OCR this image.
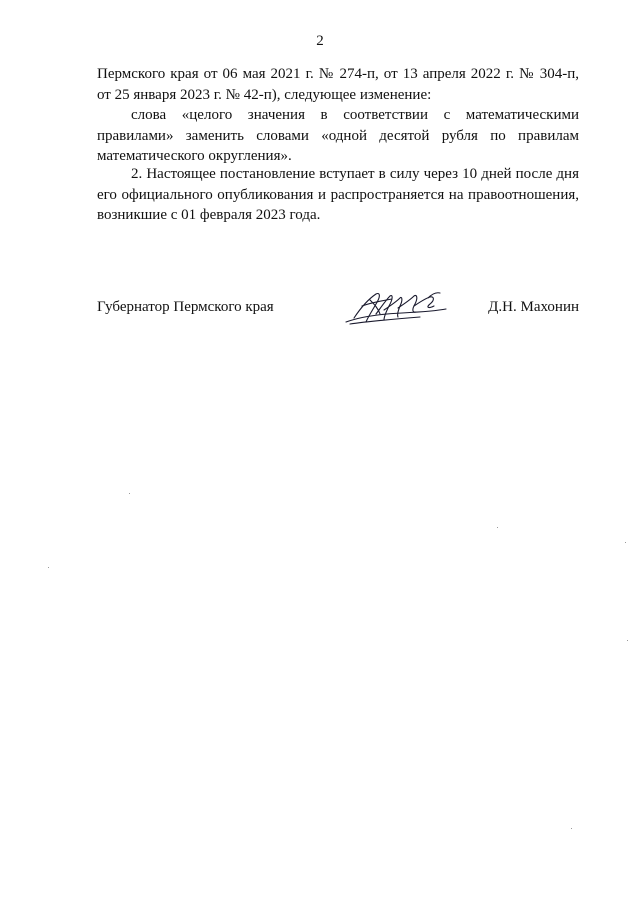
2
Пермского края от 06 мая 2021 г. № 274-п, от 13 апреля 2022 г. № 304-п,
от 25 января 2023 г. № 42-п), следующее изменение:
слова «целого значения в соответствии с математическими
правилами» заменить словами «одной десятой рубля по правилам
математического округления».
2. Настоящее постановление вступает в силу через 10 дней после дня
его официального опубликования и распространяется на правоотношения,
возникшие с 01 февраля 2023 года.
Губернатор Пермского края	Д.Н. Махонин
